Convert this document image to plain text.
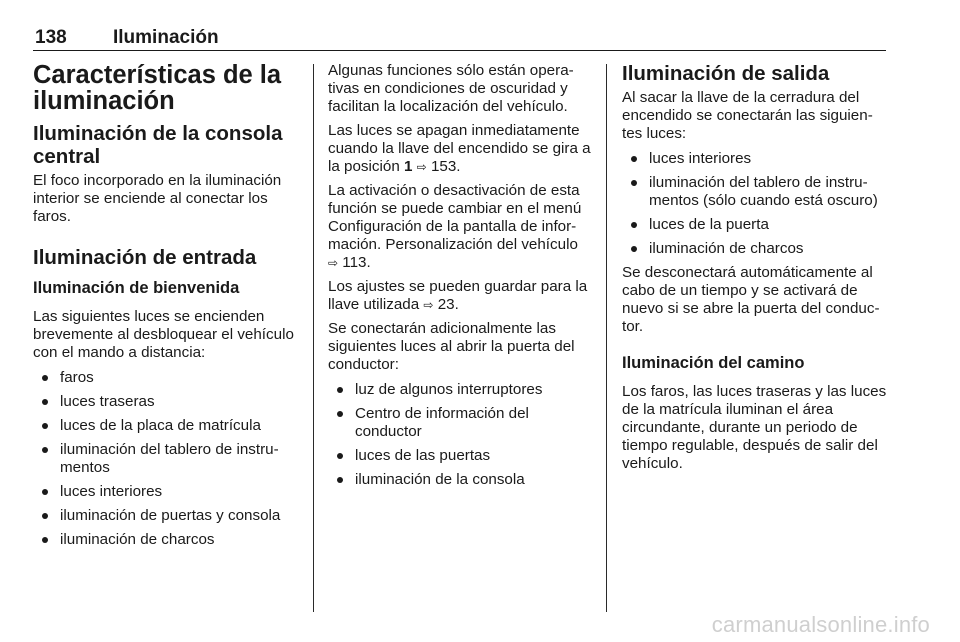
138 Iluminación
Características de la iluminación
Iluminación de la consola central

El foco incorporado en la iluminación interior se enciende al conectar los faros.

Iluminación de entrada
Iluminación de bienvenida

Las siguientes luces se encienden brevemente al desbloquear el vehículo con el mando a distancia:

faros
luces traseras
luces de la placa de matrícula
iluminación del tablero de instru-mentos
luces interiores
iluminación de puertas y consola
iluminación de charcos

Algunas funciones sólo están opera-tivas en condiciones de oscuridad y facilitan la localización del vehículo.

Las luces se apagan inmediatamente cuando la llave del encendido se gira a la posición 1 ⇨ 153.

La activación o desactivación de esta función se puede cambiar en el menú Configuración de la pantalla de infor-mación. Personalización del vehículo
⇨ 113.

Los ajustes se pueden guardar para la llave utilizada ⇨ 23.

Se conectarán adicionalmente las siguientes luces al abrir la puerta del conductor:

luz de algunos interruptores
Centro de información del conductor
luces de las puertas
iluminación de la consola
Iluminación de salida

Al sacar la llave de la cerradura del encendido se conectarán las siguien-tes luces:

luces interiores
iluminación del tablero de instru-mentos (sólo cuando está oscuro)
luces de la puerta
iluminación de charcos

Se desconectará automáticamente al cabo de un tiempo y se activará de nuevo si se abre la puerta del conduc-tor.

Iluminación del camino

Los faros, las luces traseras y las luces de la matrícula iluminan el área circundante, durante un periodo de tiempo regulable, después de salir del vehículo.

carmanualsonline.info
